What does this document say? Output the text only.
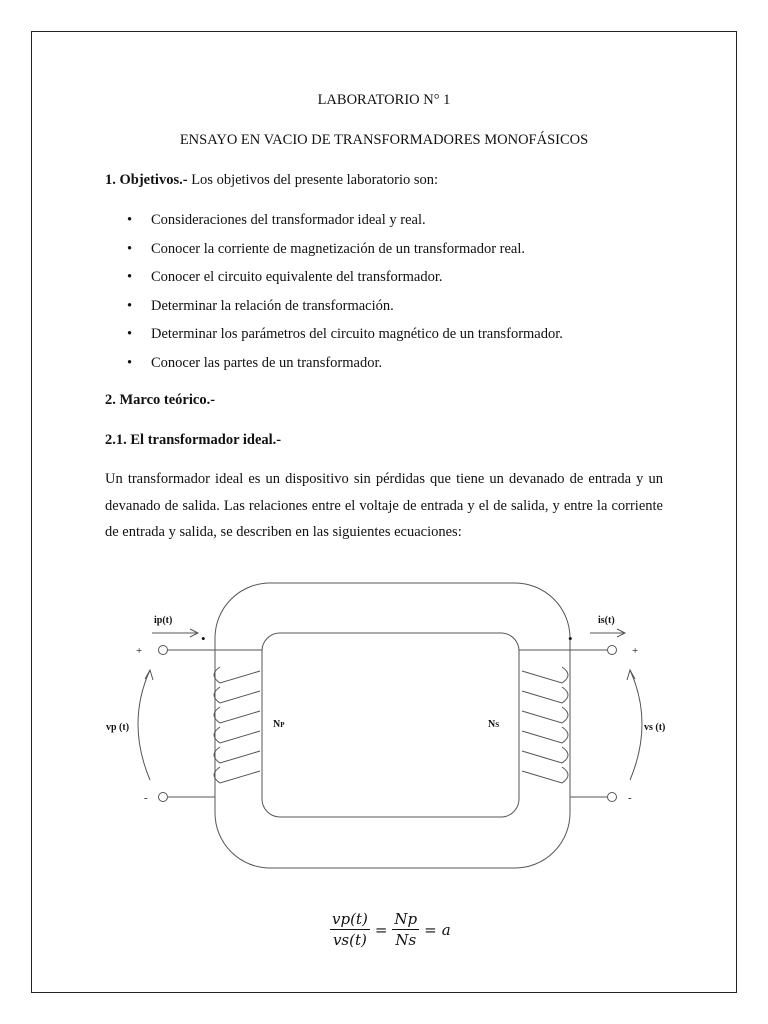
LABORATORIO N° 1
ENSAYO EN VACIO DE TRANSFORMADORES MONOFÁSICOS
1. Objetivos.- Los objetivos del presente laboratorio son:
• Consideraciones del transformador ideal y real.
• Conocer la corriente de magnetización de un transformador real.
• Conocer el circuito equivalente del transformador.
• Determinar la relación de transformación.
• Determinar los parámetros del circuito magnético de un transformador.
• Conocer las partes de un transformador.
2. Marco teórico.-
2.1. El transformador ideal.-
Un transformador ideal es un dispositivo sin pérdidas que tiene un devanado de entrada y un devanado de salida. Las relaciones entre el voltaje de entrada y el de salida, y entre la corriente de entrada y salida, se describen en las siguientes ecuaciones:
ip(t)	is(t)
vp (t)	vs (t)
NP	NS
+
-
+
-
•	•
$\frac{vp(t)}{vs(t)} = \frac{Np}{Ns} = a$
